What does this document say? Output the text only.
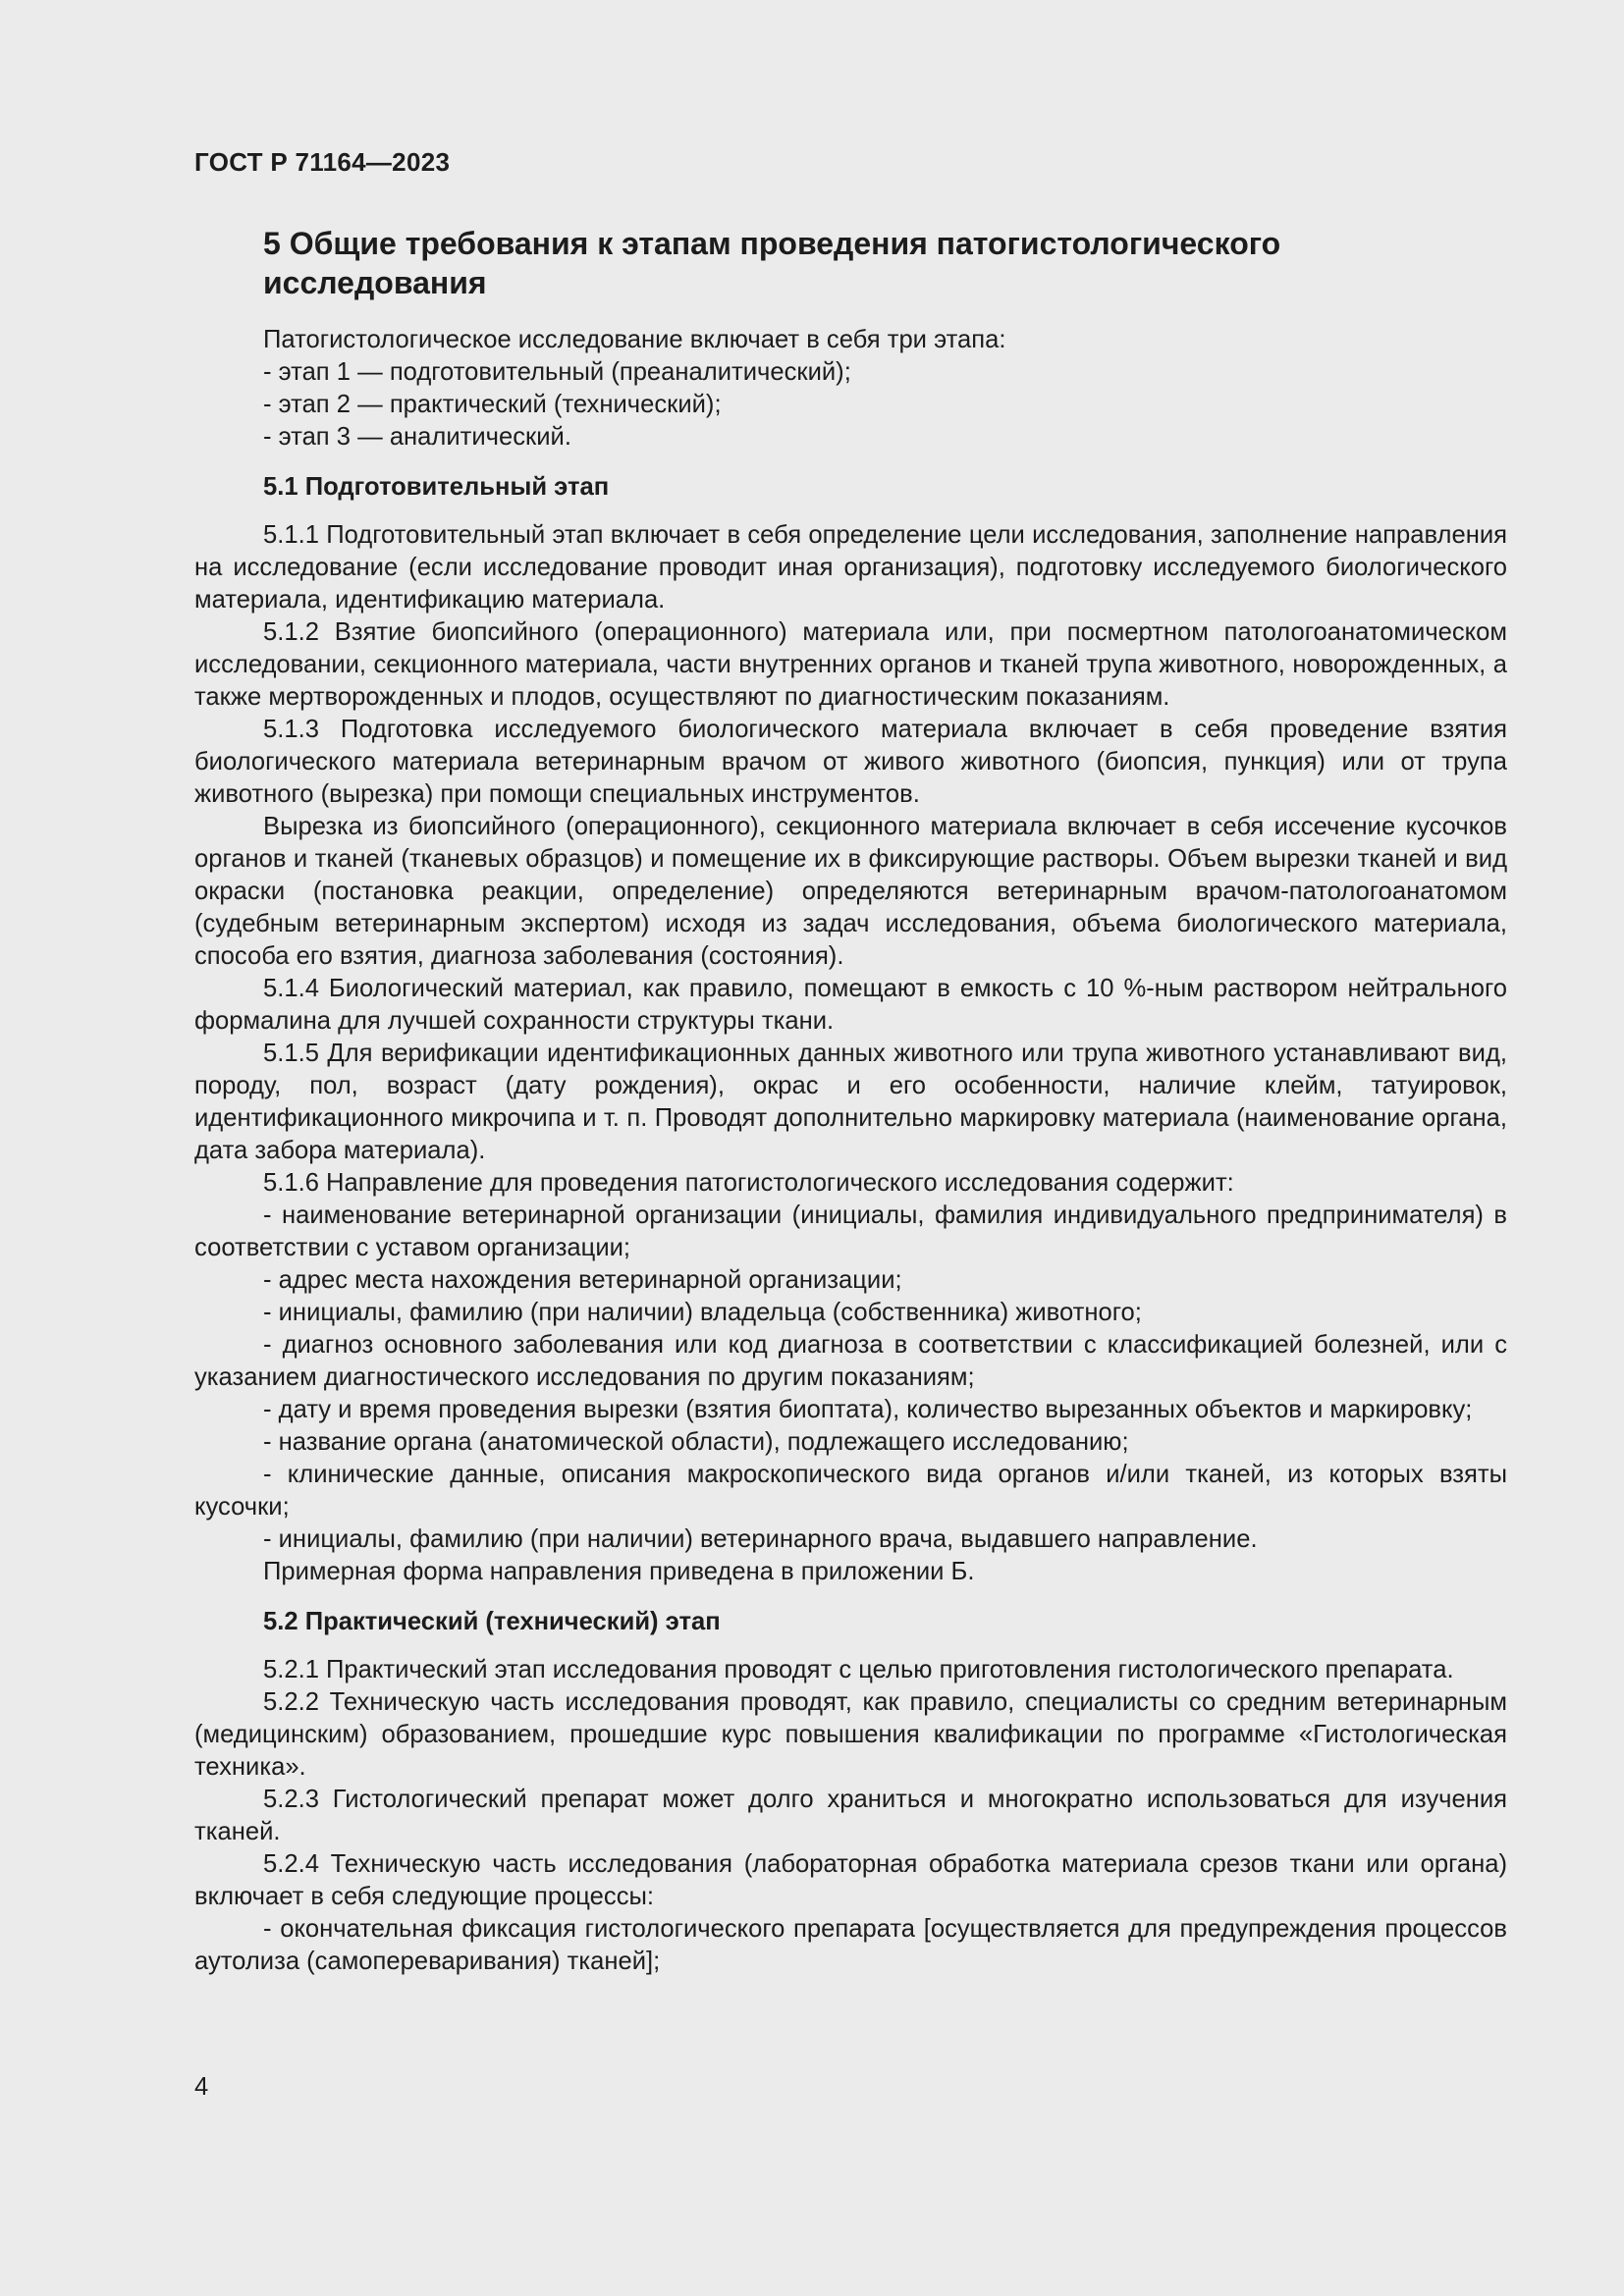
ГОСТ Р 71164—2023
5 Общие требования к этапам проведения патогистологического исследования

Патогистологическое исследование включает в себя три этапа:

- этап 1 — подготовительный (преаналитический);

- этап 2 — практический (технический);

- этап 3 — аналитический.

5.1 Подготовительный этап

5.1.1 Подготовительный этап включает в себя определение цели исследования, заполнение направления на исследование (если исследование проводит иная организация), подготовку исследуемого биологического материала, идентификацию материала.

5.1.2 Взятие биопсийного (операционного) материала или, при посмертном патологоанатомическом исследовании, секционного материала, части внутренних органов и тканей трупа животного, новорожденных, а также мертворожденных и плодов, осуществляют по диагностическим показаниям.

5.1.3 Подготовка исследуемого биологического материала включает в себя проведение взятия биологического материала ветеринарным врачом от живого животного (биопсия, пункция) или от трупа животного (вырезка) при помощи специальных инструментов.

Вырезка из биопсийного (операционного), секционного материала включает в себя иссечение кусочков органов и тканей (тканевых образцов) и помещение их в фиксирующие растворы. Объем вырезки тканей и вид окраски (постановка реакции, определение) определяются ветеринарным врачом-патологоанатомом (судебным ветеринарным экспертом) исходя из задач исследования, объема биологического материала, способа его взятия, диагноза заболевания (состояния).

5.1.4 Биологический материал, как правило, помещают в емкость с 10 %-ным раствором нейтрального формалина для лучшей сохранности структуры ткани.

5.1.5 Для верификации идентификационных данных животного или трупа животного устанавливают вид, породу, пол, возраст (дату рождения), окрас и его особенности, наличие клейм, татуировок, идентификационного микрочипа и т. п. Проводят дополнительно маркировку материала (наименование органа, дата забора материала).

5.1.6 Направление для проведения патогистологического исследования содержит:

- наименование ветеринарной организации (инициалы, фамилия индивидуального предпринимателя) в соответствии с уставом организации;

- адрес места нахождения ветеринарной организации;

- инициалы, фамилию (при наличии) владельца (собственника) животного;

- диагноз основного заболевания или код диагноза в соответствии с классификацией болезней, или с указанием диагностического исследования по другим показаниям;

- дату и время проведения вырезки (взятия биоптата), количество вырезанных объектов и маркировку;

- название органа (анатомической области), подлежащего исследованию;

- клинические данные, описания макроскопического вида органов и/или тканей, из которых взяты кусочки;

- инициалы, фамилию (при наличии) ветеринарного врача, выдавшего направление.

Примерная форма направления приведена в приложении Б.

5.2 Практический (технический) этап

5.2.1 Практический этап исследования проводят с целью приготовления гистологического препарата.

5.2.2 Техническую часть исследования проводят, как правило, специалисты со средним ветеринарным (медицинским) образованием, прошедшие курс повышения квалификации по программе «Гистологическая техника».

5.2.3 Гистологический препарат может долго храниться и многократно использоваться для изучения тканей.

5.2.4 Техническую часть исследования (лабораторная обработка материала срезов ткани или органа) включает в себя следующие процессы:

- окончательная фиксация гистологического препарата [осуществляется для предупреждения процессов аутолиза (самопереваривания) тканей];

4
